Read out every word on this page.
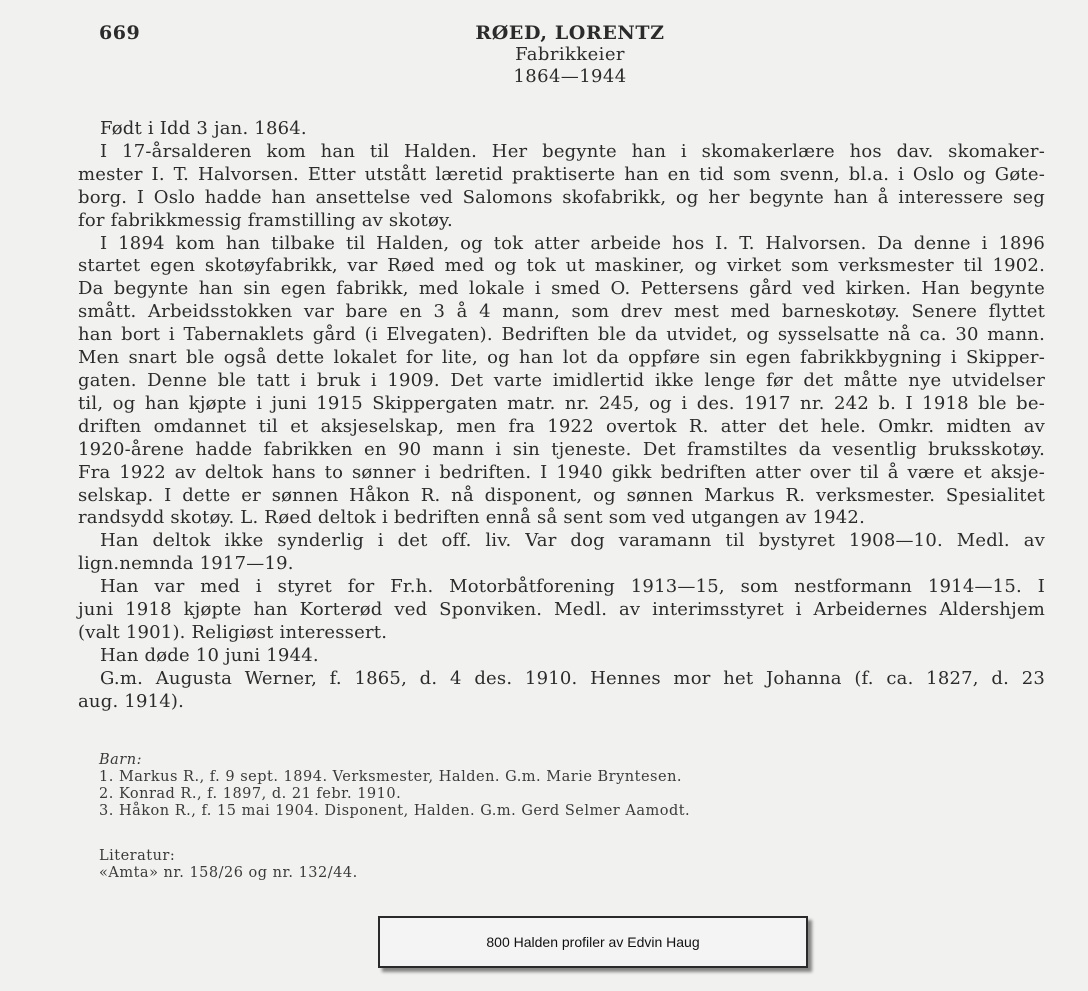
669	RØED, LORENTZ
Fabrikkeier
1864—1944

Født i Idd 3 jan. 1864.

I 17-årsalderen kom han til Halden. Her begynte han i skomakerlære hos dav. skomaker-
mester I. T. Halvorsen. Etter utstått læretid praktiserte han en tid som svenn, bl.a. i Oslo og Gøte-
borg. I Oslo hadde han ansettelse ved Salomons skofabrikk, og her begynte han å interessere seg
for fabrikkmessig framstilling av skotøy.

I 1894 kom han tilbake til Halden, og tok atter arbeide hos I. T. Halvorsen. Da denne i 1896
startet egen skotøyfabrikk, var Røed med og tok ut maskiner, og virket som verksmester til 1902.
Da begynte han sin egen fabrikk, med lokale i smed O. Pettersens gård ved kirken. Han begynte
smått. Arbeidsstokken var bare en 3 å 4 mann, som drev mest med barneskotøy. Senere flyttet
han bort i Tabernaklets gård (i Elvegaten). Bedriften ble da utvidet, og sysselsatte nå ca. 30 mann.
Men snart ble også dette lokalet for lite, og han lot da oppføre sin egen fabrikkbygning i Skipper-
gaten. Denne ble tatt i bruk i 1909. Det varte imidlertid ikke lenge før det måtte nye utvidelser
til, og han kjøpte i juni 1915 Skippergaten matr. nr. 245, og i des. 1917 nr. 242 b. I 1918 ble be-
driften omdannet til et aksjeselskap, men fra 1922 overtok R. atter det hele. Omkr. midten av
1920-årene hadde fabrikken en 90 mann i sin tjeneste. Det framstiltes da vesentlig bruksskotøy.
Fra 1922 av deltok hans to sønner i bedriften. I 1940 gikk bedriften atter over til å være et aksje-
selskap. I dette er sønnen Håkon R. nå disponent, og sønnen Markus R. verksmester. Spesialitet
randsydd skotøy. L. Røed deltok i bedriften ennå så sent som ved utgangen av 1942.

Han deltok ikke synderlig i det off. liv. Var dog varamann til bystyret 1908—10. Medl. av
lign.nemnda 1917—19.

Han var med i styret for Fr.h. Motorbåtforening 1913—15, som nestformann 1914—15. I
juni 1918 kjøpte han Korterød ved Sponviken. Medl. av interimsstyret i Arbeidernes Aldershjem
(valt 1901). Religiøst interessert.

Han døde 10 juni 1944.

G.m. Augusta Werner, f. 1865, d. 4 des. 1910. Hennes mor het Johanna (f. ca. 1827, d. 23
aug. 1914).

Barn:
1. Markus R., f. 9 sept. 1894. Verksmester, Halden. G.m. Marie Bryntesen.
2. Konrad R., f. 1897, d. 21 febr. 1910.
3. Håkon R., f. 15 mai 1904. Disponent, Halden. G.m. Gerd Selmer Aamodt.
Literatur:
«Amta» nr. 158/26 og nr. 132/44.
800 Halden profiler av Edvin Haug
